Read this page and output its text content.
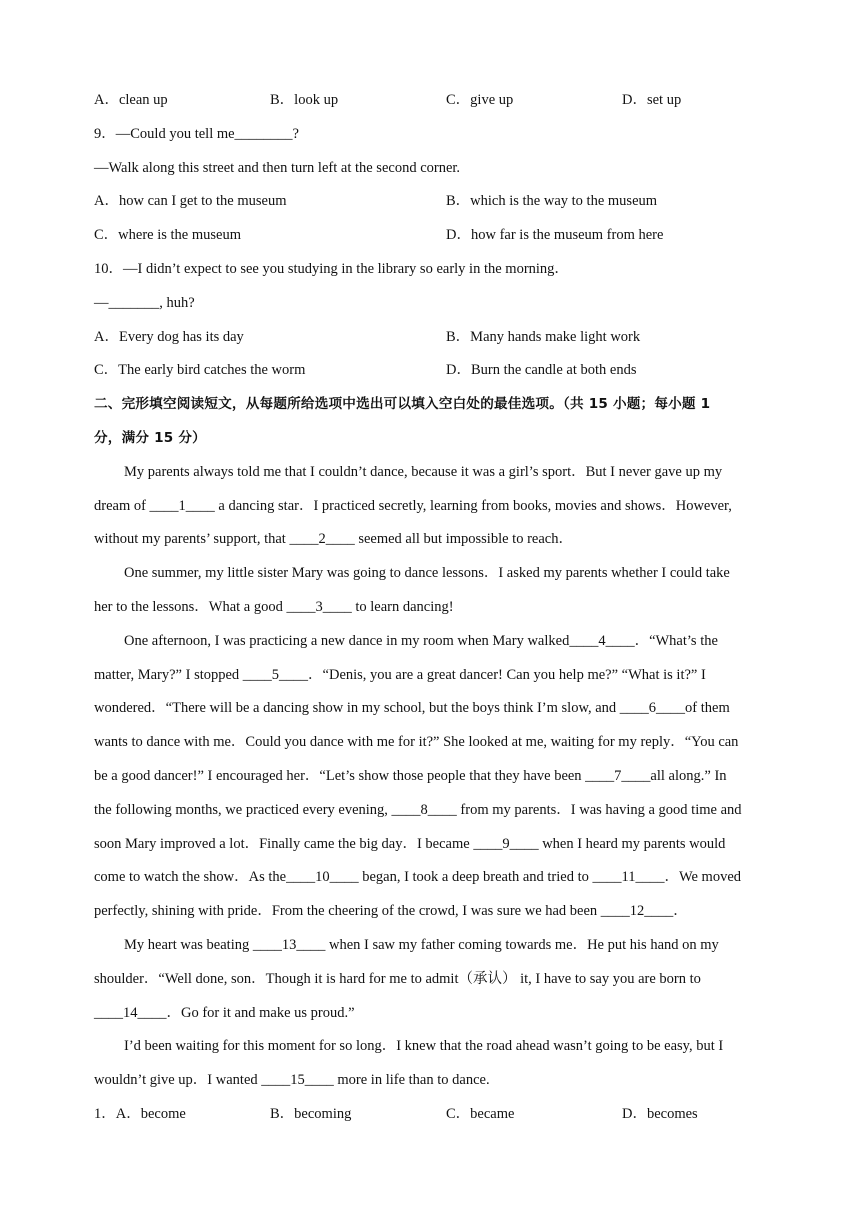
A．clean up	B．look up	C．give up	D．set up
9．—Could you tell me________?
—Walk along this street and then turn left at the second corner.
A．how can I get to the museum	B．which is the way to the museum
C．where is the museum	D．how far is the museum from here
10．—I didn’t expect to see you studying in the library so early in the morning．
—_______, huh?
A．Every dog has its day	B．Many hands make light work
C．The early bird catches the worm	D．Burn the candle at both ends
二、完形填空阅读短文，从每题所给选项中选出可以填入空白处的最佳选项。（共 15 小题；每小题 1
分，满分 15 分）
My parents always told me that I couldn’t dance, because it was a girl’s sport．But I never gave up my
dream of ____1____ a dancing star．I practiced secretly, learning from books, movies and shows．However,
without my parents’ support, that ____2____ seemed all but impossible to reach．
One summer, my little sister Mary was going to dance lessons．I asked my parents whether I could take
her to the lessons．What a good ____3____ to learn dancing!
One afternoon, I was practicing a new dance in my room when Mary walked____4____．“What’s the
matter, Mary?” I stopped ____5____．“Denis, you are a great dancer! Can you help me?” “What is it?” I
wondered．“There will be a dancing show in my school, but the boys think I’m slow, and ____6____of them
wants to dance with me．Could you dance with me for it?” She looked at me, waiting for my reply．“You can
be a good dancer!” I encouraged her．“Let’s show those people that they have been ____7____all along.” In
the following months, we practiced every evening, ____8____ from my parents．I was having a good time and
soon Mary improved a lot．Finally came the big day．I became ____9____ when I heard my parents would
come to watch the show．As the____10____ began, I took a deep breath and tried to ____11____．We moved
perfectly, shining with pride．From the cheering of the crowd, I was sure we had been ____12____．
My heart was beating ____13____ when I saw my father coming towards me．He put his hand on my
shoulder．“Well done, son．Though it is hard for me to admit（承认） it, I have to say you are born to
____14____．Go for it and make us proud.”
I’d been waiting for this moment for so long．I knew that the road ahead wasn’t going to be easy, but I
wouldn’t give up．I wanted ____15____ more in life than to dance.
1．A．become	B．becoming	C．became	D．becomes
